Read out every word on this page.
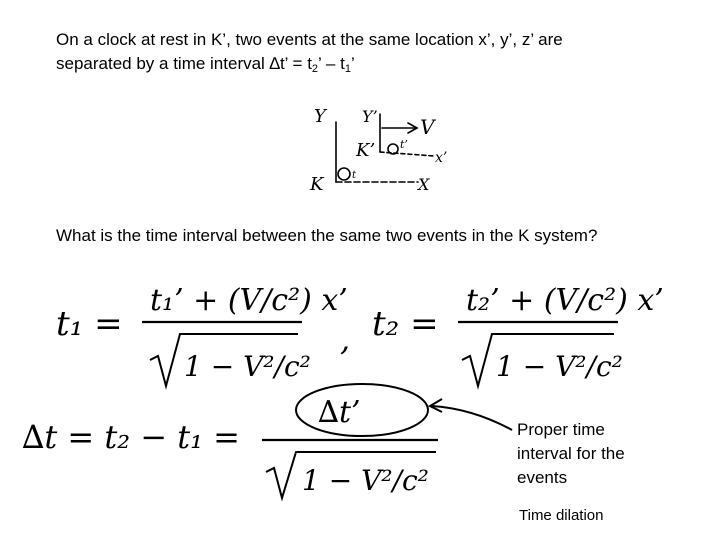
On a clock at rest in K’, two events at the same location x’, y’, z’ are
separated by a time interval ∆t’ = $t_2$’ – $t_1$’
Y Y’ V
K’ t’
x’
K	t	X
What is the time interval between the same two events in the K system?
t₁ =
t₁’ + (V/c²) x’
1 − V²/c²
, t₂ =
t₂’ + (V/c²) x’
1 − V²/c²
∆t = t₂ − t₁ =
∆t’
1 − V²/c²
Proper time
interval for the
events
Time dilation
